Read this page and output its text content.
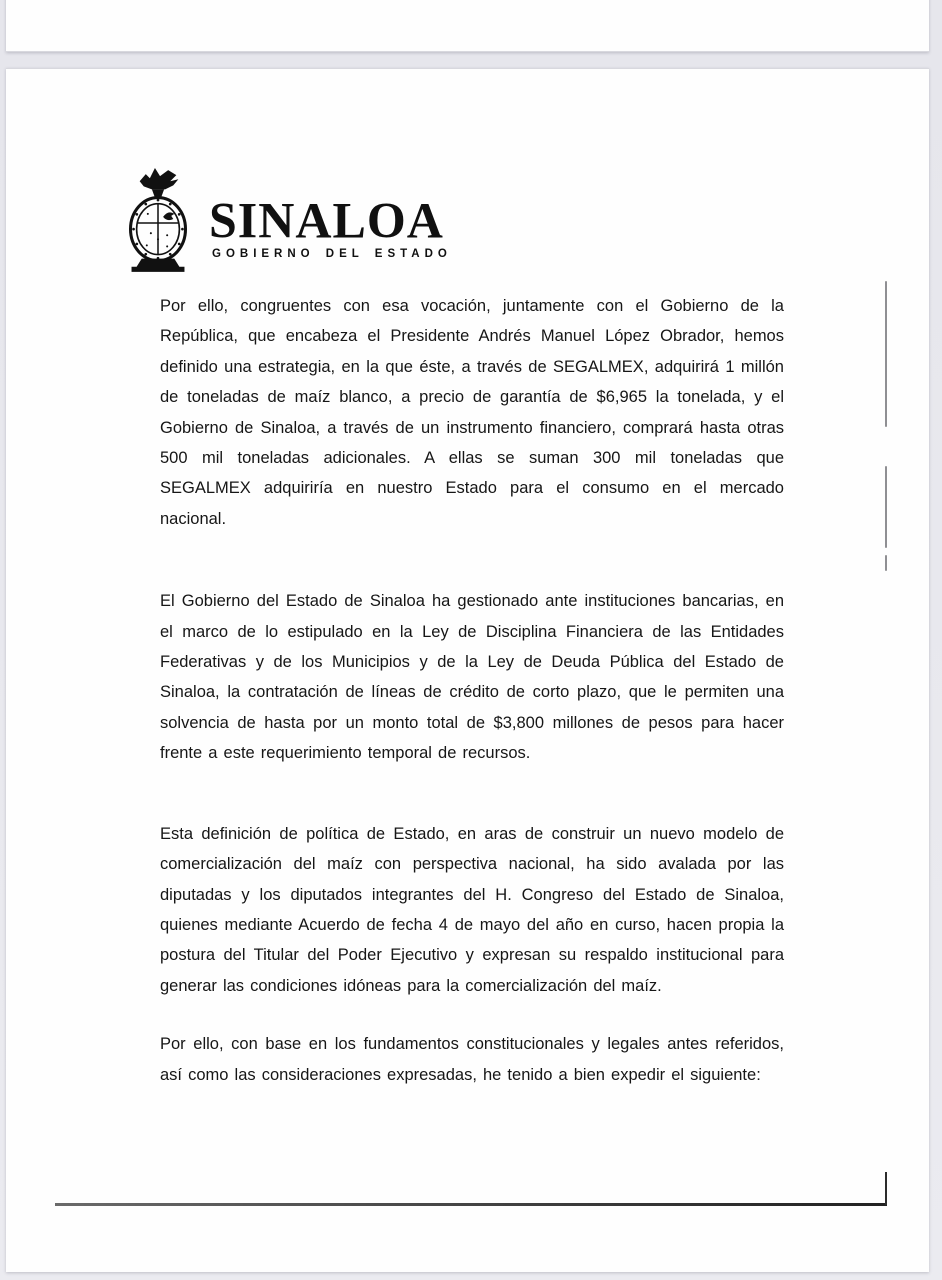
SINALOA
GOBIERNO DEL ESTADO

Por ello, congruentes con esa vocación, juntamente con el Gobierno de la República, que encabeza el Presidente Andrés Manuel López Obrador, hemos definido una estrategia, en la que éste, a través de SEGALMEX, adquirirá 1 millón de toneladas de maíz blanco, a precio de garantía de $6,965 la tonelada, y el Gobierno de Sinaloa, a través de un instrumento financiero, comprará hasta otras 500 mil toneladas adicionales. A ellas se suman 300 mil toneladas que SEGALMEX adquiriría en nuestro Estado para el consumo en el mercado nacional.

El Gobierno del Estado de Sinaloa ha gestionado ante instituciones bancarias, en el marco de lo estipulado en la Ley de Disciplina Financiera de las Entidades Federativas y de los Municipios y de la Ley de Deuda Pública del Estado de Sinaloa, la contratación de líneas de crédito de corto plazo, que le permiten una solvencia de hasta por un monto total de $3,800 millones de pesos para hacer frente a este requerimiento temporal de recursos.

Esta definición de política de Estado, en aras de construir un nuevo modelo de comercialización del maíz con perspectiva nacional, ha sido avalada por las diputadas y los diputados integrantes del H. Congreso del Estado de Sinaloa, quienes mediante Acuerdo de fecha 4 de mayo del año en curso, hacen propia la postura del Titular del Poder Ejecutivo y expresan su respaldo institucional para generar las condiciones idóneas para la comercialización del maíz.

Por ello, con base en los fundamentos constitucionales y legales antes referidos, así como las consideraciones expresadas, he tenido a bien expedir el siguiente:
